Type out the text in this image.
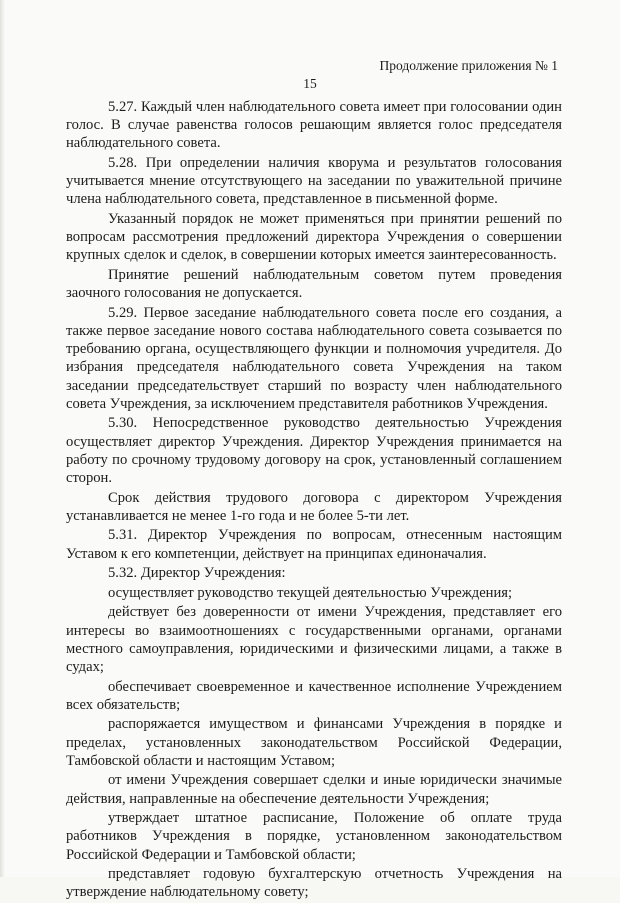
Продолжение приложения № 1
15

5.27. Каждый член наблюдательного совета имеет при голосовании один голос. В случае равенства голосов решающим является голос председателя наблюдательного совета.

5.28. При определении наличия кворума и результатов голосования учитывается мнение отсутствующего на заседании по уважительной причине члена наблюдательного совета, представленное в письменной форме.

Указанный порядок не может применяться при принятии решений по вопросам рассмотрения предложений директора Учреждения о совершении крупных сделок и сделок, в совершении которых имеется заинтересованность.

Принятие решений наблюдательным советом путем проведения заочного голосования не допускается.

5.29. Первое заседание наблюдательного совета после его создания, а также первое заседание нового состава наблюдательного совета созывается по требованию органа, осуществляющего функции и полномочия учредителя. До избрания председателя наблюдательного совета Учреждения на таком заседании председательствует старший по возрасту член наблюдательного совета Учреждения, за исключением представителя работников Учреждения.

5.30. Непосредственное руководство деятельностью Учреждения осуществляет директор Учреждения. Директор Учреждения принимается на работу по срочному трудовому договору на срок, установленный соглашением сторон.

Срок действия трудового договора с директором Учреждения устанавливается не менее 1-го года и не более 5-ти лет.

5.31. Директор Учреждения по вопросам, отнесенным настоящим Уставом к его компетенции, действует на принципах единоначалия.

5.32. Директор Учреждения:

осуществляет руководство текущей деятельностью Учреждения;

действует без доверенности от имени Учреждения, представляет его интересы во взаимоотношениях с государственными органами, органами местного самоуправления, юридическими и физическими лицами, а также в судах;

обеспечивает своевременное и качественное исполнение Учреждением всех обязательств;

распоряжается имуществом и финансами Учреждения в порядке и пределах, установленных законодательством Российской Федерации, Тамбовской области и настоящим Уставом;

от имени Учреждения совершает сделки и иные юридически значимые действия, направленные на обеспечение деятельности Учреждения;

утверждает штатное расписание, Положение об оплате труда работников Учреждения в порядке, установленном законодательством Российской Федерации и Тамбовской области;

представляет годовую бухгалтерскую отчетность Учреждения на утверждение наблюдательному совету;
